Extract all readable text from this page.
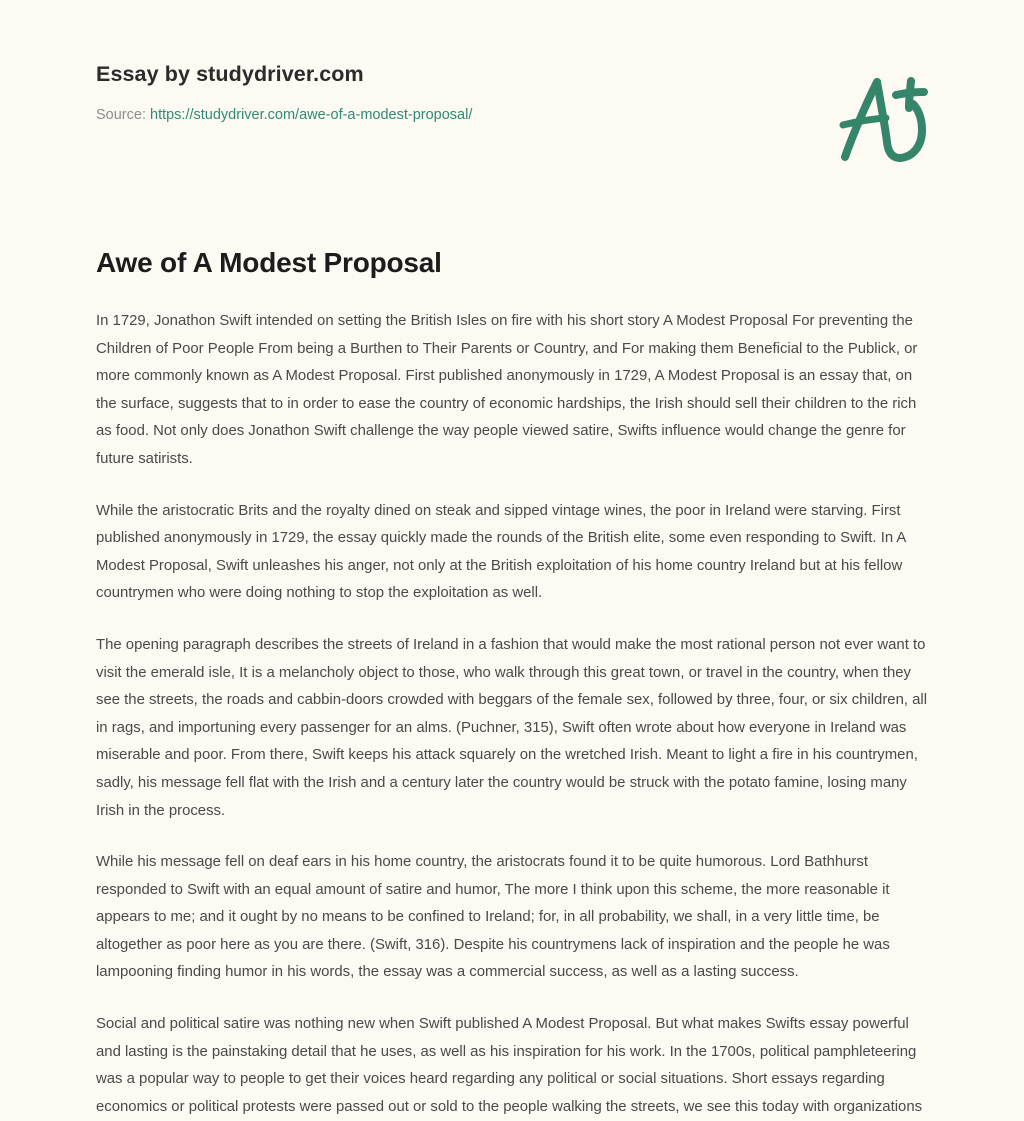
Essay by studydriver.com
Source: https://studydriver.com/awe-of-a-modest-proposal/
Awe of A Modest Proposal

In 1729, Jonathon Swift intended on setting the British Isles on fire with his short story A Modest Proposal For preventing the Children of Poor People From being a Burthen to Their Parents or Country, and For making them Beneficial to the Publick, or more commonly known as A Modest Proposal. First published anonymously in 1729, A Modest Proposal is an essay that, on the surface, suggests that to in order to ease the country of economic hardships, the Irish should sell their children to the rich as food. Not only does Jonathon Swift challenge the way people viewed satire, Swifts influence would change the genre for future satirists.

While the aristocratic Brits and the royalty dined on steak and sipped vintage wines, the poor in Ireland were starving. First published anonymously in 1729, the essay quickly made the rounds of the British elite, some even responding to Swift. In A Modest Proposal, Swift unleashes his anger, not only at the British exploitation of his home country Ireland but at his fellow countrymen who were doing nothing to stop the exploitation as well.

The opening paragraph describes the streets of Ireland in a fashion that would make the most rational person not ever want to visit the emerald isle, It is a melancholy object to those, who walk through this great town, or travel in the country, when they see the streets, the roads and cabbin-doors crowded with beggars of the female sex, followed by three, four, or six children, all in rags, and importuning every passenger for an alms. (Puchner, 315), Swift often wrote about how everyone in Ireland was miserable and poor. From there, Swift keeps his attack squarely on the wretched Irish. Meant to light a fire in his countrymen, sadly, his message fell flat with the Irish and a century later the country would be struck with the potato famine, losing many Irish in the process.

While his message fell on deaf ears in his home country, the aristocrats found it to be quite humorous. Lord Bathhurst responded to Swift with an equal amount of satire and humor, The more I think upon this scheme, the more reasonable it appears to me; and it ought by no means to be confined to Ireland; for, in all probability, we shall, in a very little time, be altogether as poor here as you are there. (Swift, 316). Despite his countrymens lack of inspiration and the people he was lampooning finding humor in his words, the essay was a commercial success, as well as a lasting success.

Social and political satire was nothing new when Swift published A Modest Proposal. But what makes Swifts essay powerful and lasting is the painstaking detail that he uses, as well as his inspiration for his work. In the 1700s, political pamphleteering was a popular way to people to get their voices heard regarding any political or social situations. Short essays regarding economics or political protests were passed out or sold to the people walking the streets, we see this today with organizations
